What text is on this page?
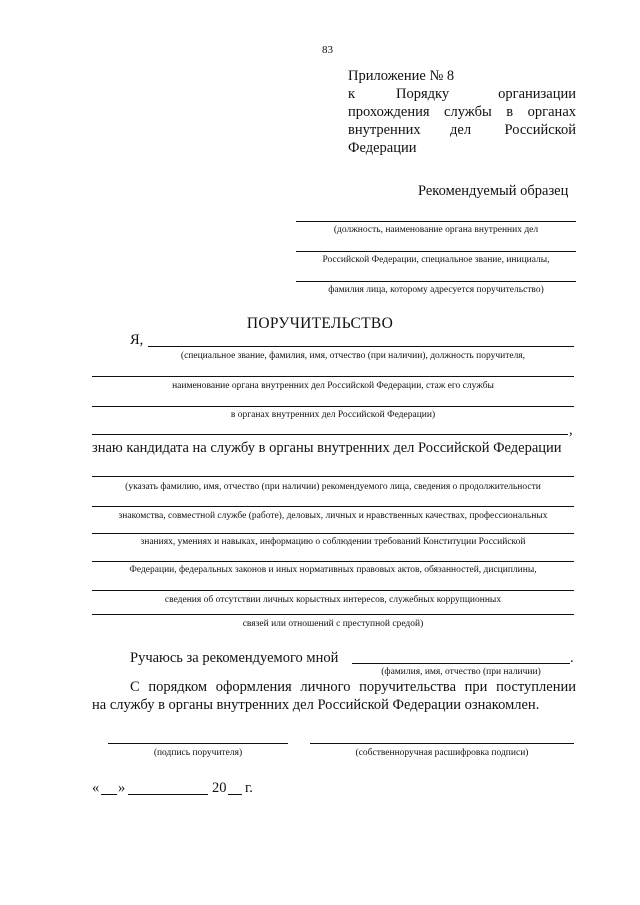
83
Приложение № 8
к	Порядку	организации
прохождения службы в органах
внутренних дел Российской
Федерации
Рекомендуемый образец
(должность, наименование органа внутренних дел
Российской Федерации, специальное звание, инициалы,
фамилия лица, которому адресуется поручительство)
ПОРУЧИТЕЛЬСТВО
Я,
(специальное звание, фамилия, имя, отчество (при наличии), должность поручителя,
наименование органа внутренних дел Российской Федерации, стаж его службы
в органах внутренних дел Российской Федерации)
,
знаю кандидата на службу в органы внутренних дел Российской Федерации
(указать фамилию, имя, отчество (при наличии) рекомендуемого лица, сведения о продолжительности
знакомства, совместной службе (работе), деловых, личных и нравственных качествах, профессиональных
знаниях, умениях и навыках, информацию о соблюдении требований Конституции Российской
Федерации, федеральных законов и иных нормативных правовых актов, обязанностей, дисциплины,
сведения об отсутствии личных корыстных интересов, служебных коррупционных
связей или отношений с преступной средой)
Ручаюсь за рекомендуемого мной	.
(фамилия, имя, отчество (при наличии)
С порядком оформления личного поручительства при поступлении
на службу в органы внутренних дел Российской Федерации ознакомлен.
(подпись поручителя)	(собственноручная расшифровка подписи)
« »	20 г.
